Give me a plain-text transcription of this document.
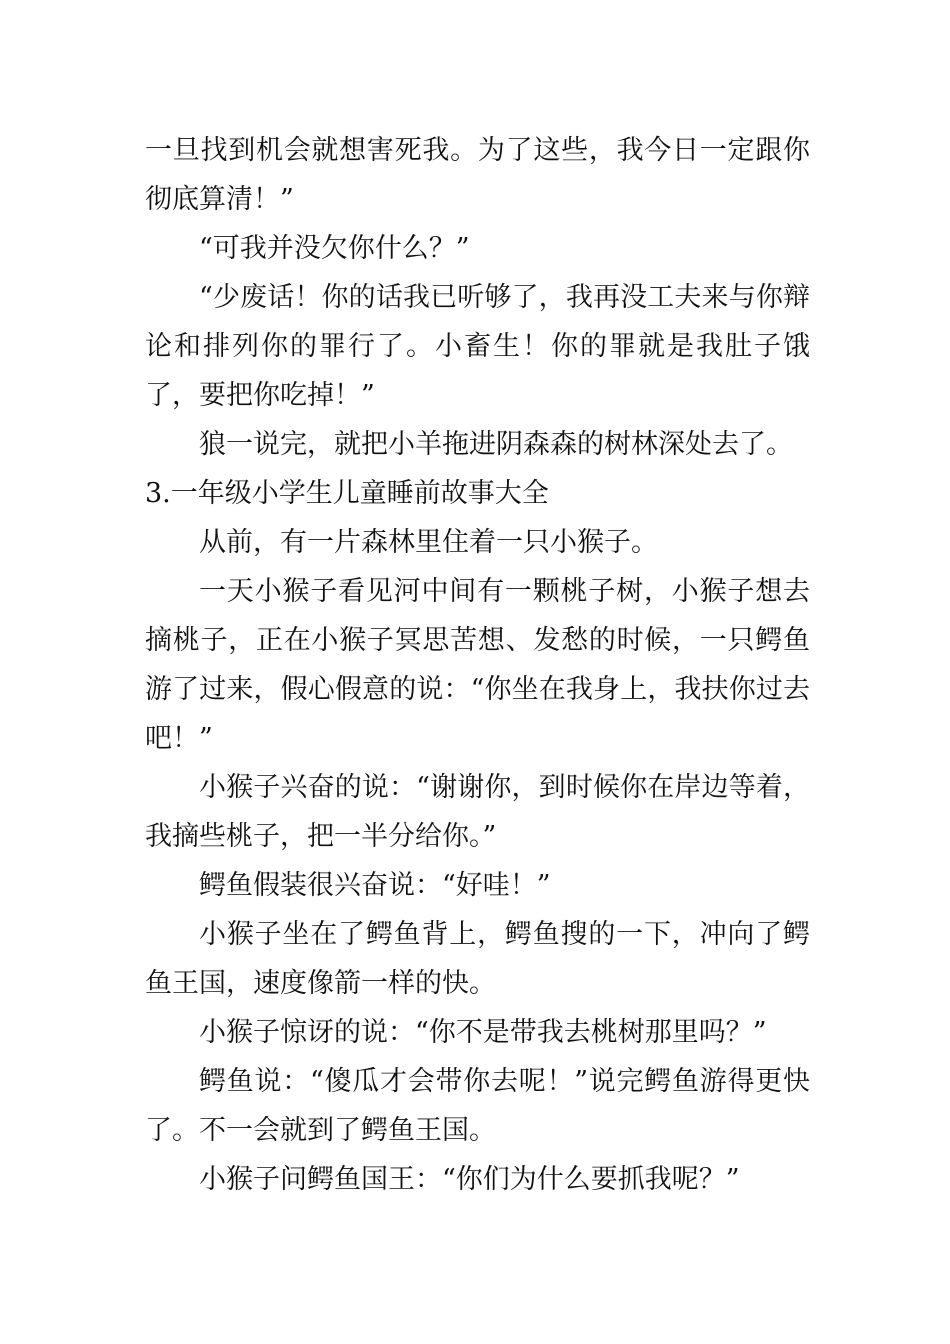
一旦找到机会就想害死我。为了这些，我今日一定跟你彻底算清！”

“可我并没欠你什么？”

“少废话！你的话我已听够了，我再没工夫来与你辩论和排列你的罪行了。小畜生！你的罪就是我肚子饿了，要把你吃掉！”

狼一说完，就把小羊拖进阴森森的树林深处去了。

3.一年级小学生儿童睡前故事大全

从前，有一片森林里住着一只小猴子。

一天小猴子看见河中间有一颗桃子树，小猴子想去摘桃子，正在小猴子冥思苦想、发愁的时候，一只鳄鱼游了过来，假心假意的说：“你坐在我身上，我扶你过去吧！”

小猴子兴奋的说：“谢谢你，到时候你在岸边等着，我摘些桃子，把一半分给你。”

鳄鱼假装很兴奋说：“好哇！”

小猴子坐在了鳄鱼背上，鳄鱼搜的一下，冲向了鳄鱼王国，速度像箭一样的快。

小猴子惊讶的说：“你不是带我去桃树那里吗？”

鳄鱼说：“傻瓜才会带你去呢！”说完鳄鱼游得更快了。不一会就到了鳄鱼王国。

小猴子问鳄鱼国王：“你们为什么要抓我呢？”
